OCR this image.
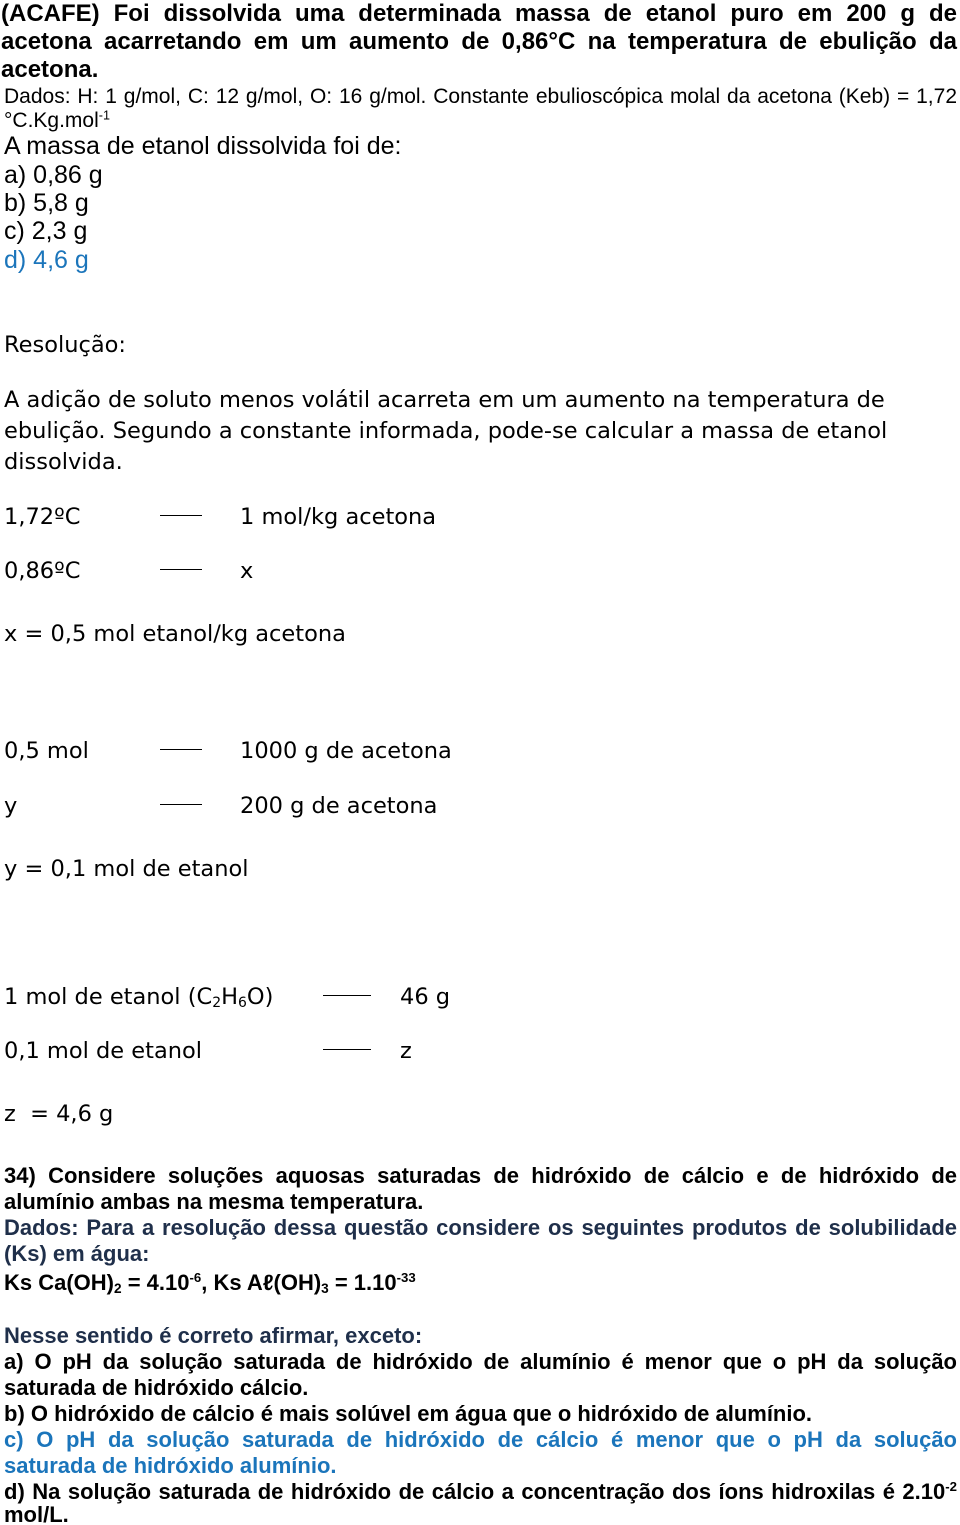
(ACAFE) Foi dissolvida uma determinada massa de etanol puro em 200 g de
acetona acarretando em um aumento de 0,86°C na temperatura de ebulição da
acetona.
Dados: H: 1 g/mol, C: 12 g/mol, O: 16 g/mol. Constante ebulioscópica molal da acetona (Keb) = 1,72
°C.Kg.mol$^{-1}$
A massa de etanol dissolvida foi de:
a) 0,86 g
b) 5,8 g
c) 2,3 g
d) 4,6 g
Resolução:
A adição de soluto menos volátil acarreta em um aumento na temperatura de
ebulição. Segundo a constante informada, pode-se calcular a massa de etanol
dissolvida.
1,72ºC	1 mol/kg acetona
0,86ºC	x
x = 0,5 mol etanol/kg acetona
0,5 mol	1000 g de acetona
y	200 g de acetona
y = 0,1 mol de etanol
1 mol de etanol $(C_2H_6O)$	46 g
0,1 mol de etanol	z
z  = 4,6 g
34) Considere soluções aquosas saturadas de hidróxido de cálcio e de hidróxido de
alumínio ambas na mesma temperatura.
Dados: Para a resolução dessa questão considere os seguintes produtos de solubilidade
(Ks) em água:
Ks $Ca(OH)_2 = 4.10^{-6}$, Ks $A\ell(OH)_3 = 1.10^{-33}$
Nesse sentido é correto afirmar, exceto:
a) O pH da solução saturada de hidróxido de alumínio é menor que o pH da solução
saturada de hidróxido cálcio.
b) O hidróxido de cálcio é mais solúvel em água que o hidróxido de alumínio.
c) O pH da solução saturada de hidróxido de cálcio é menor que o pH da solução
saturada de hidróxido alumínio.
d) Na solução saturada de hidróxido de cálcio a concentração dos íons hidroxilas é $2.10^{-2}$
mol/L.
